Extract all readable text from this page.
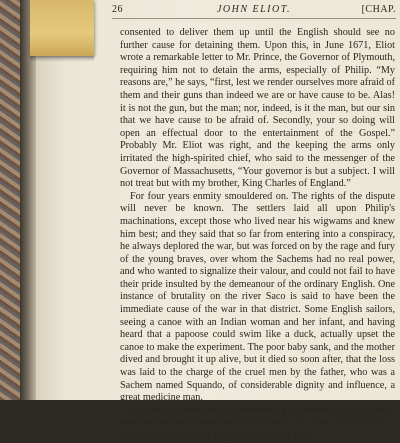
26	JOHN ELIOT.	[CHAP.

consented to deliver them up until the English should see no further cause for detaining them. Upon this, in June 1671, Eliot wrote a remarkable letter to Mr. Prince, the Governor of Plymouth, requiring him not to detain the arms, especially of Philip. “My reasons are,” he says, “first, lest we render ourselves more afraid of them and their guns than indeed we are or have cause to be. Alas! it is not the gun, but the man; nor, indeed, is it the man, but our sin that we have cause to be afraid of. Secondly, your so doing will open an effectual door to the entertainment of the Gospel.” Probably Mr. Eliot was right, and the keeping the arms only irritated the high-spirited chief, who said to the messenger of the Governor of Massachusetts, “Your governor is but a subject. I will not treat but with my brother, King Charles of England.”

For four years enmity smouldered on. The rights of the dispute will never be known. The settlers laid all upon Philip's machinations, except those who lived near his wigwams and knew him best; and they said that so far from entering into a conspiracy, he always deplored the war, but was forced on by the rage and fury of the young braves, over whom the Sachems had no real power, and who wanted to signalize their valour, and could not fail to have their pride insulted by the demeanour of the ordinary English. One instance of brutality on the river Saco is said to have been the immediate cause of the war in that district. Some English sailors, seeing a canoe with an Indian woman and her infant, and having heard that a papoose could swim like a duck, actually upset the canoe to make the experiment. The poor baby sank, and the mother dived and brought it up alive, but it died so soon after, that the loss was laid to the charge of the cruel men by the father, who was a Sachem named Squando, of considerable dignity and influence, a great medicine man.

On Philip's border to the southward, a plantation called Swawny was attacked and burnt by the Indians in the June of 1675. He is said to have shed tears (impassible Indian as he
